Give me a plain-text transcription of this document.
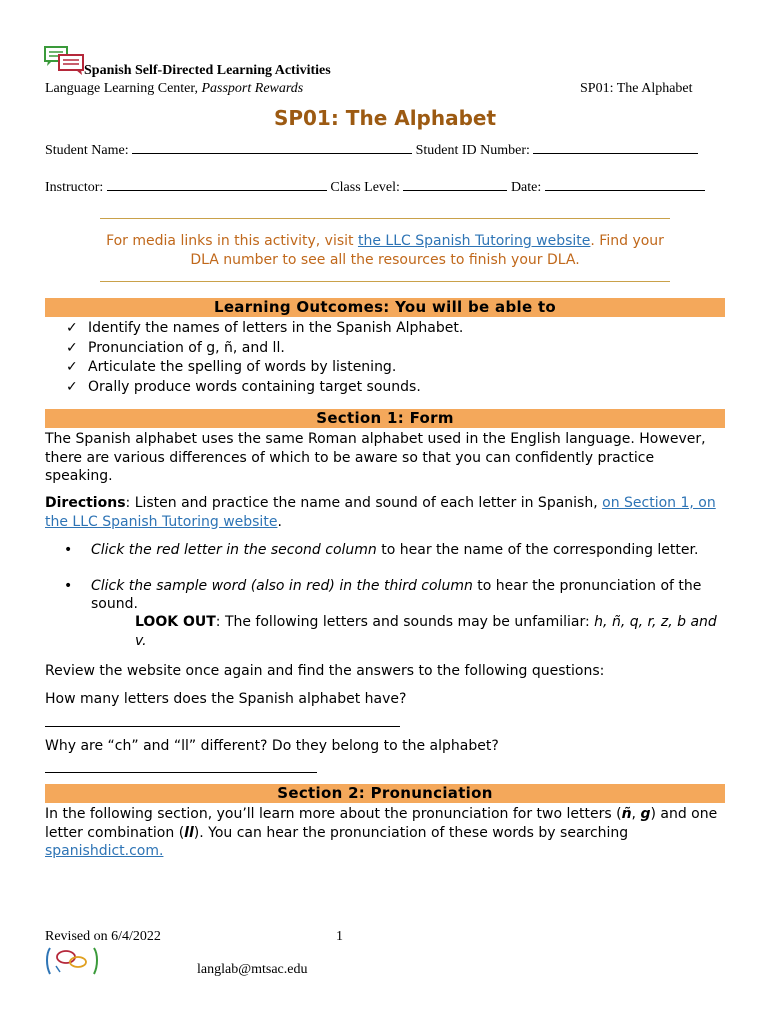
Spanish Self-Directed Learning Activities
Language Learning Center, Passport Rewards	SP01: The Alphabet
SP01: The Alphabet
Student Name:	Student ID Number:
Instructor:	Class Level:	Date:
For media links in this activity, visit the LLC Spanish Tutoring website. Find your DLA number to see all the resources to finish your DLA.
Learning Outcomes: You will be able to
✓ Identify the names of letters in the Spanish Alphabet.
✓ Pronunciation of g, ñ, and ll.
✓ Articulate the spelling of words by listening.
✓ Orally produce words containing target sounds.
Section 1: Form
The Spanish alphabet uses the same Roman alphabet used in the English language. However, there are various differences of which to be aware so that you can confidently practice speaking.
Directions: Listen and practice the name and sound of each letter in Spanish, on Section 1, on the LLC Spanish Tutoring website.
• Click the red letter in the second column to hear the name of the corresponding letter.
• Click the sample word (also in red) in the third column to hear the pronunciation of the sound.
LOOK OUT: The following letters and sounds may be unfamiliar: h, ñ, q, r, z, b and v.
Review the website once again and find the answers to the following questions:
How many letters does the Spanish alphabet have?
Why are “ch” and “ll” different? Do they belong to the alphabet?
Section 2: Pronunciation
In the following section, you’ll learn more about the pronunciation for two letters (ñ, g) and one letter combination (ll). You can hear the pronunciation of these words by searching spanishdict.com.
Revised on 6/4/2022	1
langlab@mtsac.edu
